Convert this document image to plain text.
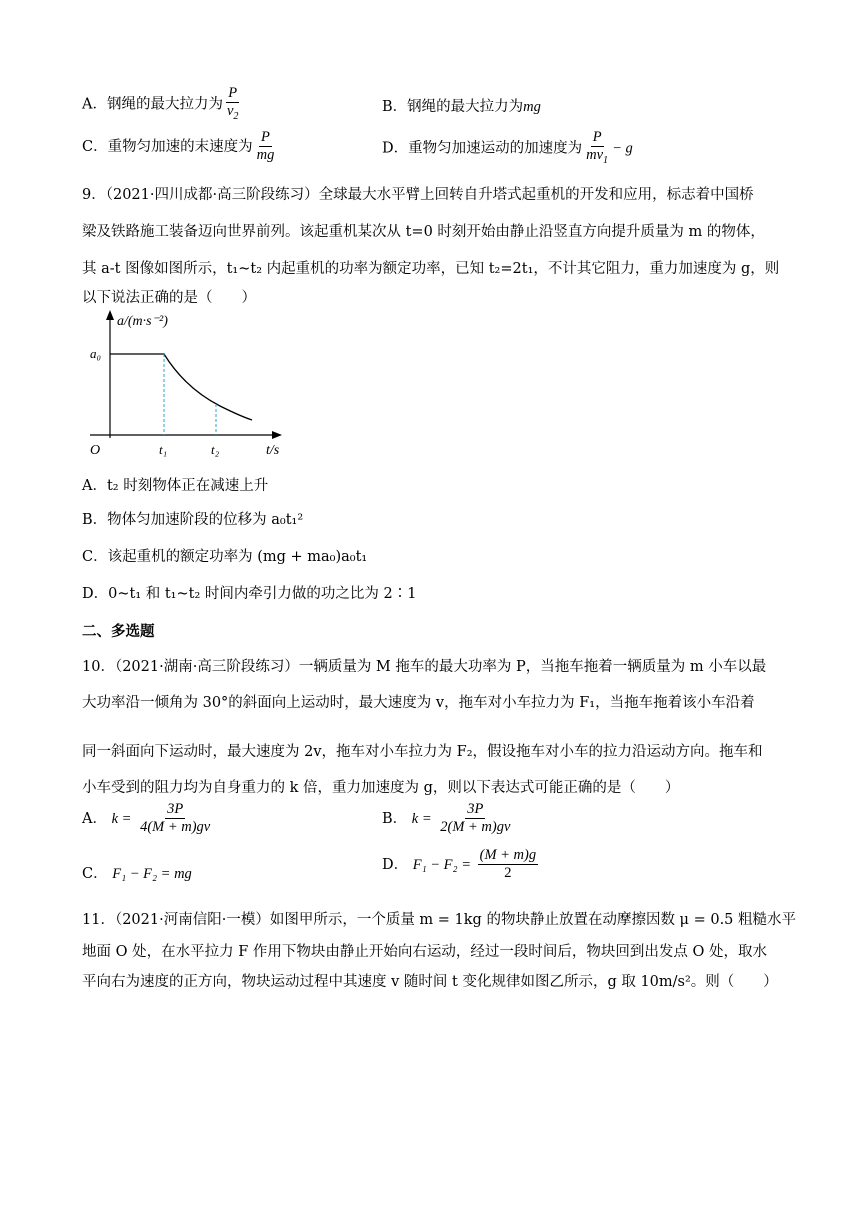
A．钢绳的最大拉力为 $\frac{P}{v_2}$	B．钢绳的最大拉力为mg
C．重物匀加速的末速度为 $\frac{P}{mg}$	D．重物匀加速运动的加速度为 $\frac{P}{mv_1} - g$
9．（2021·四川成都·高三阶段练习）全球最大水平臂上回转自升塔式起重机的开发和应用，标志着中国桥
梁及铁路施工装备迈向世界前列。该起重机某次从 t=0 时刻开始由静止沿竖直方向提升质量为 m 的物体，
其 a-t 图像如图所示，t₁~t₂ 内起重机的功率为额定功率，已知 t₂=2t₁，不计其它阻力，重力加速度为 g，则
以下说法正确的是（　　）
a/(m·s⁻²)
a₀
O	t₁	t₂	t/s
A．t₂ 时刻物体正在减速上升
B．物体匀加速阶段的位移为 a₀t₁²
C．该起重机的额定功率为 (mg + ma₀)a₀t₁
D．0~t₁ 和 t₁~t₂ 时间内牵引力做的功之比为 2∶1
二、多选题
10．（2021·湖南·高三阶段练习）一辆质量为 M 拖车的最大功率为 P，当拖车拖着一辆质量为 m 小车以最
大功率沿一倾角为 30°的斜面向上运动时，最大速度为 v，拖车对小车拉力为 F₁，当拖车拖着该小车沿着
同一斜面向下运动时，最大速度为 2v，拖车对小车拉力为 F₂，假设拖车对小车的拉力沿运动方向。拖车和
小车受到的阻力均为自身重力的 k 倍，重力加速度为 g，则以下表达式可能正确的是（　　）
A． $k = \frac{3P}{4(M + m)gv}$	B． $k = \frac{3P}{2(M + m)gv}$
C． F₁ − F₂ = mg
D． $F_1 - F_2 = \frac{(M + m)g}{2}$
11．（2021·河南信阳·一模）如图甲所示，一个质量 m = 1kg 的物块静止放置在动摩擦因数 μ = 0.5 粗糙水平
地面 O 处，在水平拉力 F 作用下物块由静止开始向右运动，经过一段时间后，物块回到出发点 O 处，取水
平向右为速度的正方向，物块运动过程中其速度 v 随时间 t 变化规律如图乙所示，g 取 10m/s²。则（　　）
